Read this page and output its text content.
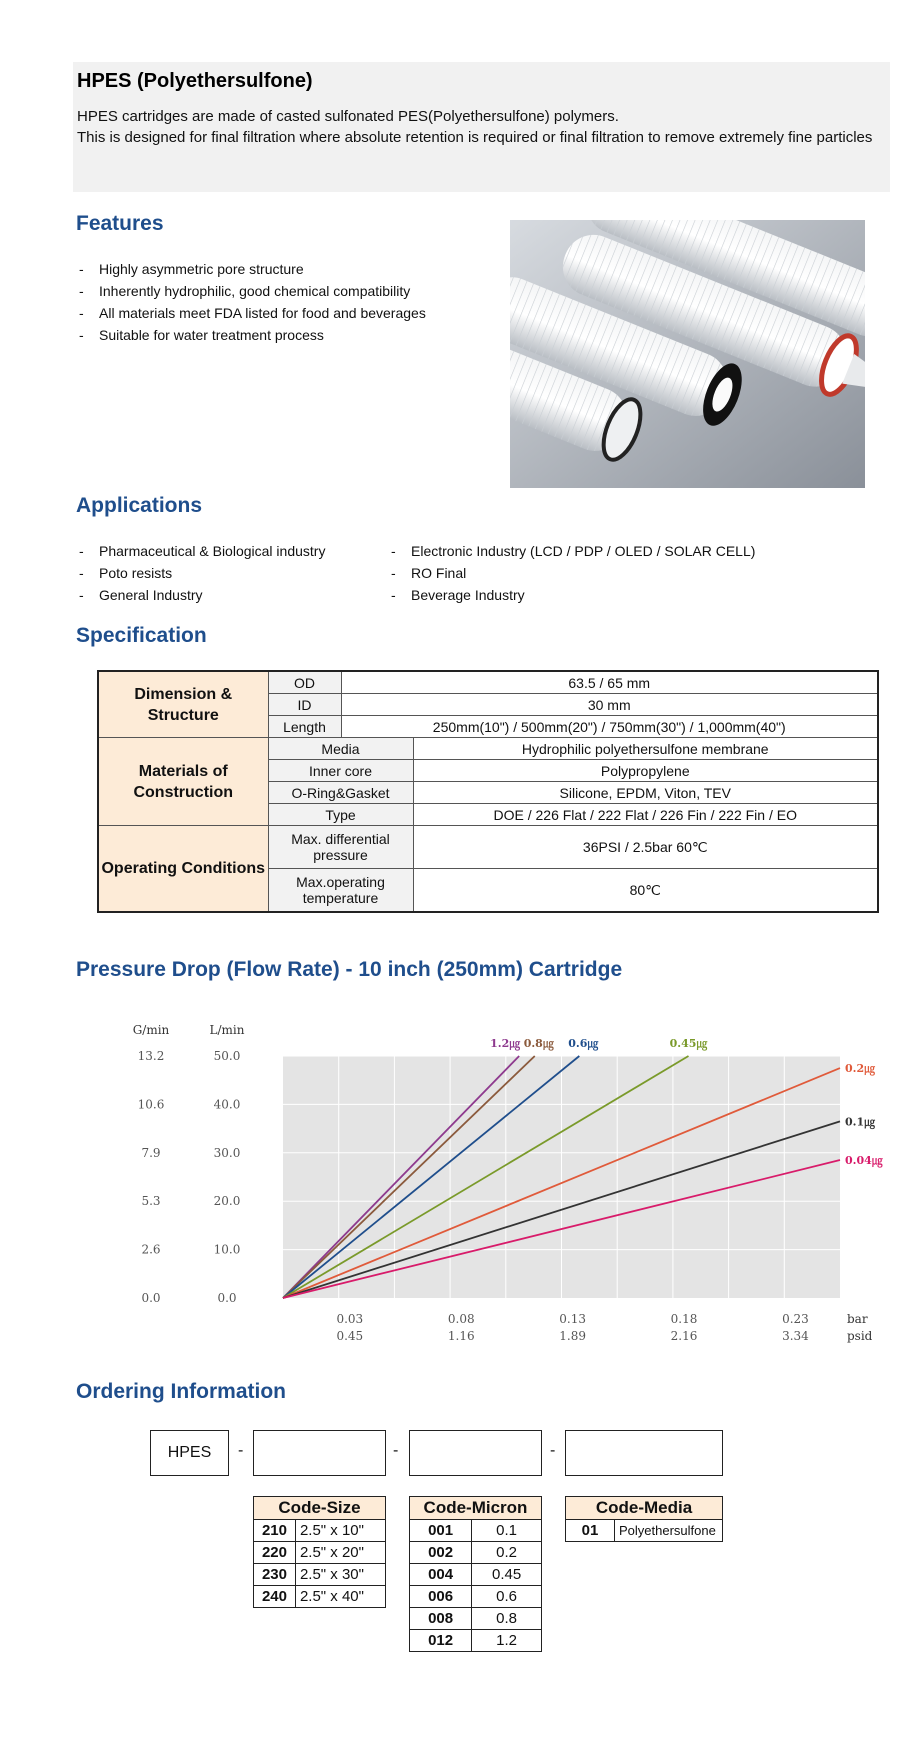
HPES (Polyethersulfone)

HPES cartridges are made of casted sulfonated PES(Polyethersulfone) polymers.
This is designed for final filtration where absolute retention is required or final filtration to remove extremely fine particles

Features
- Highly asymmetric pore structure
- Inherently hydrophilic, good chemical compatibility
- All materials meet FDA listed for food and beverages
- Suitable for water treatment process
Applications
- Pharmaceutical & Biological industry
- Poto resists
- General Industry
- Electronic Industry (LCD / PDP / OLED / SOLAR CELL)
- RO Final
- Beverage Industry
Specification
Dimension & Structure	OD	63.5 / 65 mm	
	ID	30 mm	
	Length	250mm(10") / 500mm(20") / 750mm(30") / 1,000mm(40")	
Materials of Construction	Media		Hydrophilic polyethersulfone membrane
	Inner core		Polypropylene
	O-Ring&Gasket		Silicone, EPDM, Viton, TEV
	Type		DOE / 226 Flat / 222 Flat / 226 Fin / 222 Fin / EO
Operating Conditions	Max. differential pressure		36PSI / 2.5bar 60℃
	Max.operating temperature		80℃
Pressure Drop (Flow Rate) - 10 inch (250mm) Cartridge
0.0
0.0
10.0
2.6
20.0
5.3
30.0
7.9
40.0
10.6
50.0
13.2
L/min
G/min
0.03
0.45
0.08
1.16
0.13
1.89
0.18
2.16
0.23
3.34
bar
psid
1.2㎍ 0.8㎍ 0.6㎍	0.45㎍
0.2㎍
0.1㎍
0.04㎍
Ordering Information
HPES	-	-	-
Code-Size	
210	2.5" x 10"
220	2.5" x 20"
230	2.5" x 30"
240	2.5" x 40"
Code-Micron	
001	0.1
002	0.2
004	0.45
006	0.6
008	0.8
012	1.2
Code-Media
01	Polyethersulfone
